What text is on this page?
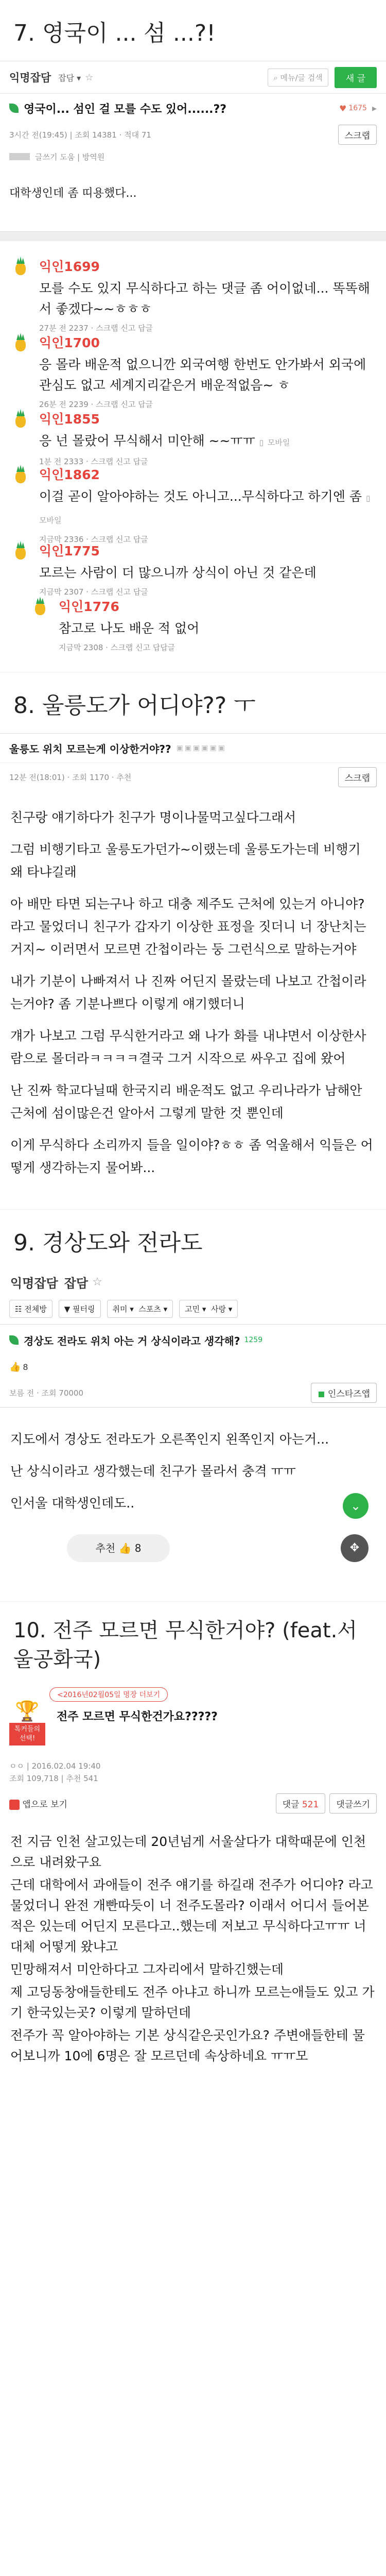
7. 영국이 ... 섬 ...?!
익명잡담 잡담 ▾ ☆	⌕ 메뉴/글 검색	새 글
영국이... 섬인 걸 모를 수도 있어......??	♥ 1675 ▸
3시간 전(19:45) | 조회 14381 · 적대 71	스크랩
글쓰기 도움 | 방역원
대학생인데 좀 띠용했다...
익인1699
모를 수도 있지 무식하다고 하는 댓글 좀 어이없네... 똑똑해서 좋겠다~~ㅎㅎㅎ
27분 전 2237 · 스크랩 신고 답글
익인1700
응 몰라 배운적 없으니깐 외국여행 한번도 안가봐서 외국에 관심도 없고 세계지리같은거 배운적없음~ ㅎ
26분 전 2239 · 스크랩 신고 답글
익인1855
응 넌 몰랐어 무식해서 미안해 ~~ㅠㅠ ▯ 모바일
1분 전 2333 · 스크랩 신고 답글
익인1862
이걸 곧이 알아야하는 것도 아니고...무식하다고 하기엔 좀 ▯ 모바일
지금막 2336 · 스크랩 신고 답글
익인1775
모르는 사람이 더 많으니까 상식이 아닌 것 같은데
지금막 2307 · 스크랩 신고 답글
익인1776
참고로 나도 배운 적 없어
지금막 2308 · 스크랩 신고 답답글
8. 울릉도가 어디야?? ㅜ
울릉도 위치 모르는게 이상한거야?? ▣▣▣▣▣▣
12분 전(18:01) · 조회 1170 · 추천	스크랩

친구랑 얘기하다가 친구가 명이나물먹고싶다그래서

그럼 비행기타고 울릉도가던가~이랬는데 울릉도가는데 비행기 왜 타냐길래

아 배만 타면 되는구나 하고 대충 제주도 근처에 있는거 아니야? 라고 물었더니 친구가 갑자기 이상한 표정을 짓더니 너 장난치는거지~ 이러면서 모르면 간첩이라는 둥 그런식으로 말하는거야

내가 기분이 나빠져서 나 진짜 어딘지 몰랐는데 나보고 간첩이라는거야? 좀 기분나쁘다 이렇게 얘기했더니

걔가 나보고 그럼 무식한거라고 왜 나가 화를 내냐면서 이상한사람으로 몰더라ㅋㅋㅋㅋ결국 그거 시작으로 싸우고 집에 왔어

난 진짜 학교다닐때 한국지리 배운적도 없고 우리나라가 남해안 근처에 섬이많은건 알아서 그렇게 말한 것 뿐인데

이게 무식하다 소리까지 들을 일이야?ㅎㅎ 좀 억울해서 익들은 어떻게 생각하는지 물어봐...

9. 경상도와 전라도
익명잡담 잡담 ☆
☷ 전체방	▼ 필터링	취미 ▾ 스포츠 ▾	고민 ▾ 사랑 ▾
경상도 전라도 위치 아는 거 상식이라고 생각해? 1259
👍 8
보름 전 · 조회 70000	◼ 인스타즈앱

지도에서 경상도 전라도가 오른쪽인지 왼쪽인지 아는거...

난 상식이라고 생각했는데 친구가 몰라서 충격 ㅠㅠ

인서울 대학생인데도..	⌄
추천 👍 8	✥
10. 전주 모르면 무식한거야? (feat.서울공화국)
<2016년02월05일 명장 더보기
🏆
톡커들의
선택!
전주 모르면 무식한건가요?????
ㅇㅇ | 2016.02.04 19:40
조회 109,718 | 추천 541
앱으로 보기	댓글 521	댓글쓰기

전 지금 인천 살고있는데 20년넘게 서울살다가 대학때문에 인천으로 내려왔구요

근데 대학에서 과애들이 전주 얘기를 하길래 전주가 어디야? 라고 물었더니 완전 개빤따듯이 너 전주도몰라? 이래서 어디서 들어본적은 있는데 어딘지 모른다고..했는데 저보고 무식하다고ㅠㅠ 너 대체 어떻게 왔냐고

민망해져서 미안하다고 그자리에서 말하긴했는데

제 고딩동창애들한테도 전주 아냐고 하니까 모르는애들도 있고 가기 한국있는곳? 이렇게 말하던데

전주가 꼭 알아야하는 기본 상식같은곳인가요? 주변애들한테 물어보니까 10에 6명은 잘 모르던데 속상하네요 ㅠㅠ모
